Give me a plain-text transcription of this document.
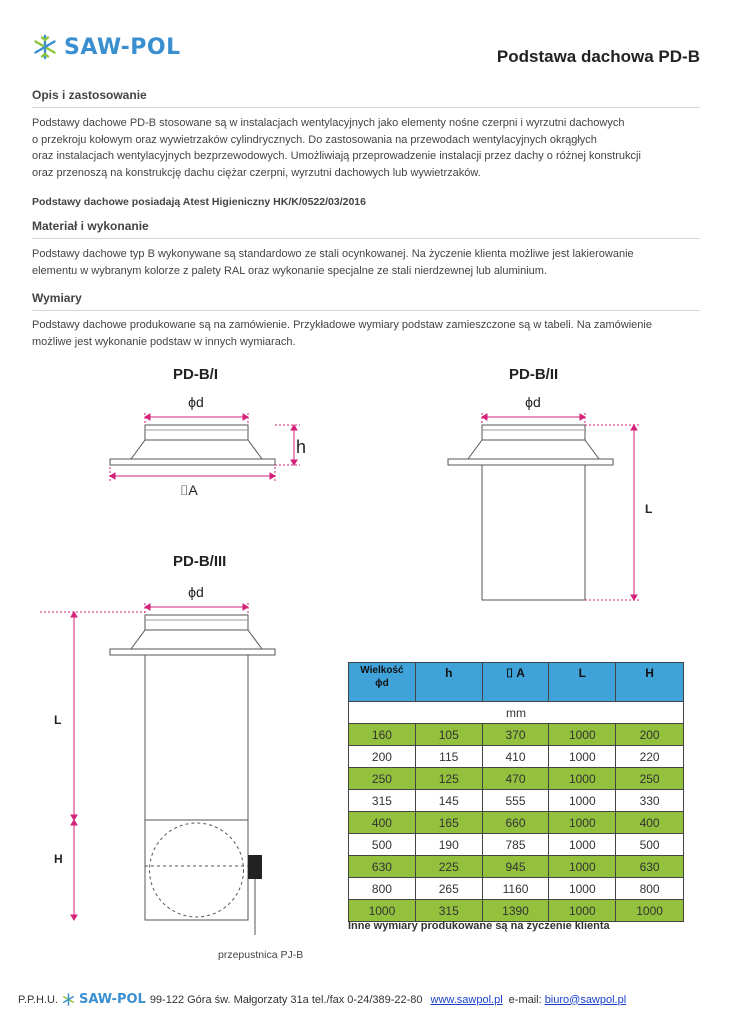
SAW-POL	Podstawa dachowa PD-B
Opis i zastosowanie
Podstawy dachowe PD-B stosowane są w instalacjach wentylacyjnych jako elementy nośne czerpni i wyrzutni dachowych
o przekroju kołowym oraz wywietrzaków cylindrycznych. Do zastosowania na przewodach wentylacyjnych okrągłych
oraz instalacjach wentylacyjnych bezprzewodowych. Umożliwiają przeprowadzenie instalacji przez dachy o różnej konstrukcji
oraz przenoszą na konstrukcję dachu ciężar czerpni, wyrzutni dachowych lub wywietrzaków.
Podstawy dachowe posiadają Atest Higieniczny HK/K/0522/03/2016
Materiał i wykonanie
Podstawy dachowe typ B wykonywane są standardowo ze stali ocynkowanej. Na życzenie klienta możliwe jest lakierowanie
elementu w wybranym kolorze z palety RAL oraz wykonanie specjalne ze stali nierdzewnej lub aluminium.
Wymiary
Podstawy dachowe produkowane są na zamówienie. Przykładowe wymiary podstaw zamieszczone są w tabeli. Na zamówienie
możliwe jest wykonanie podstaw w innych wymiarach.
PD-B/I
ϕd
h
⌷A
PD-B/II
ϕd
L
PD-B/III
ϕd
L
H
przepustnica PJ-B
Wielkość
ϕd	h	⌷ A	L	H
mm				
160	105	370	1000	200
200	115	410	1000	220
250	125	470	1000	250
315	145	555	1000	330
400	165	660	1000	400
500	190	785	1000	500
630	225	945	1000	630
800	265	1160	1000	800
1000	315	1390	1000	1000
Inne wymiary produkowane są na życzenie klienta
P.P.H.U. SAW-POL 99-122 Góra św. Małgorzaty 31a tel./fax 0-24/389-22-80 www.sawpol.pl e-mail: biuro@sawpol.pl
